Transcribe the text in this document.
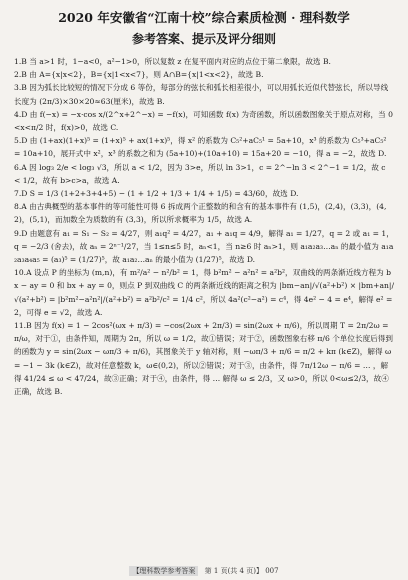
2020 年安徽省“江南十校”综合素质检测 · 理科数学
参考答案、提示及评分细则

1.B 当 a>1 时，1−a<0，a²−1>0，所以复数 z 在复平面内对应的点位于第二象限，故选 B.

2.B 由 A={x|x<2}，B={x|1<x<7}，则 A∩B={x|1<x<2}，故选 B.

3.B 因为弧长比较短的情况下分成 6 等份，每部分的弦长和弧长相差很小，可以用弧长近似代替弦长，所以导线长度为 (2π/3)×30×20≈63(厘米)，故选 B.

4.D 由 f(−x) = −x·cos x/(2^x+2^−x) = −f(x)，可知函数 f(x) 为奇函数，所以函数图象关于原点对称，当 0<x<π/2 时，f(x)>0，故选 C.

5.D 由 (1+ax)(1+x)⁵ = (1+x)⁵ + ax(1+x)⁵，得 x² 的系数为 C₅²+aC₅¹ = 5a+10，x³ 的系数为 C₅³+aC₅² = 10a+10，展开式中 x²，x³ 的系数之和为 (5a+10)+(10a+10) = 15a+20 = −10，得 a = −2，故选 D.

6.A 因 log₃ 2/e < log₃ √3，所以 a < 1/2，因为 3>e，所以 ln 3>1，c = 2^−ln 3 < 2^−1 = 1/2，故 c < 1/2，故有 b>c>a，故选 A.

7.D S = 1/3 (1+2+3+4+5) − (1 + 1/2 + 1/3 + 1/4 + 1/5) = 43/60，故选 D.

8.A 由古典概型的基本事件的等可能性可得 6 拆成两个正整数的和含有的基本事件有 (1,5)，(2,4)，(3,3)，(4,2)，(5,1)，而加数全为质数的有 (3,3)，所以所求概率为 1/5，故选 A.

9.D 由题意有 a₁ = S₁ − S₂ = 4/27，则 a₁q² = 4/27，a₁ + a₁q = 4/9，解得 a₁ = 1/27，q = 2 或 a₁ = 1，q = −2/3 (舍去)，故 aₙ = 2ⁿ⁻¹/27，当 1≤n≤5 时，aₙ<1，当 n≥6 时 aₙ>1，则 a₁a₂a₃…aₙ 的最小值为 a₁a₂a₃a₄a₅ = (a₃)⁵ = (1/27)⁵，故 a₁a₂…aₙ 的最小值为 (1/27)⁵，故选 D.

10.A 设点 P 的坐标为 (m,n)，有 m²/a² − n²/b² = 1，得 b²m² − a²n² = a²b²，双曲线的两条渐近线方程为 bx − ay = 0 和 bx + ay = 0，则点 P 到双曲线 C 的两条渐近线的距离之积为 |bm−an|/√(a²+b²) × |bm+an|/√(a²+b²) = |b²m²−a²n²|/(a²+b²) = a²b²/c² = 1/4 c²，所以 4a²(c²−a²) = c⁴，得 4e² − 4 = e⁴，解得 e² = 2，可得 e = √2，故选 A.

11.B 因为 f(x) = 1 − 2cos²(ωx + π/3) = −cos(2ωx + 2π/3) = sin(2ωx + π/6)，所以周期 T = 2π/2ω = π/ω，对于①，由条件知，周期为 2π，所以 ω = 1/2，故①错误；对于②，函数图象右移 π/6 个单位长度后得到的函数为 y = sin(2ωx − ωπ/3 + π/6)，其图象关于 y 轴对称，则 −ωπ/3 + π/6 = π/2 + kπ (k∈Z)，解得 ω = −1 − 3k (k∈Z)，故对任意整数 k，ω∈(0,2)，所以②错误；对于③，由条件，得 7π/12ω − π/6 = … ，解得 41/24 ≤ ω < 47/24，故③正确；对于④，由条件，得 … 解得 ω ≤ 2/3，又 ω>0，所以 0<ω≤2/3，故④正确，故选 B.

【理科数学参考答案 第 1 页(共 4 页)】 007
